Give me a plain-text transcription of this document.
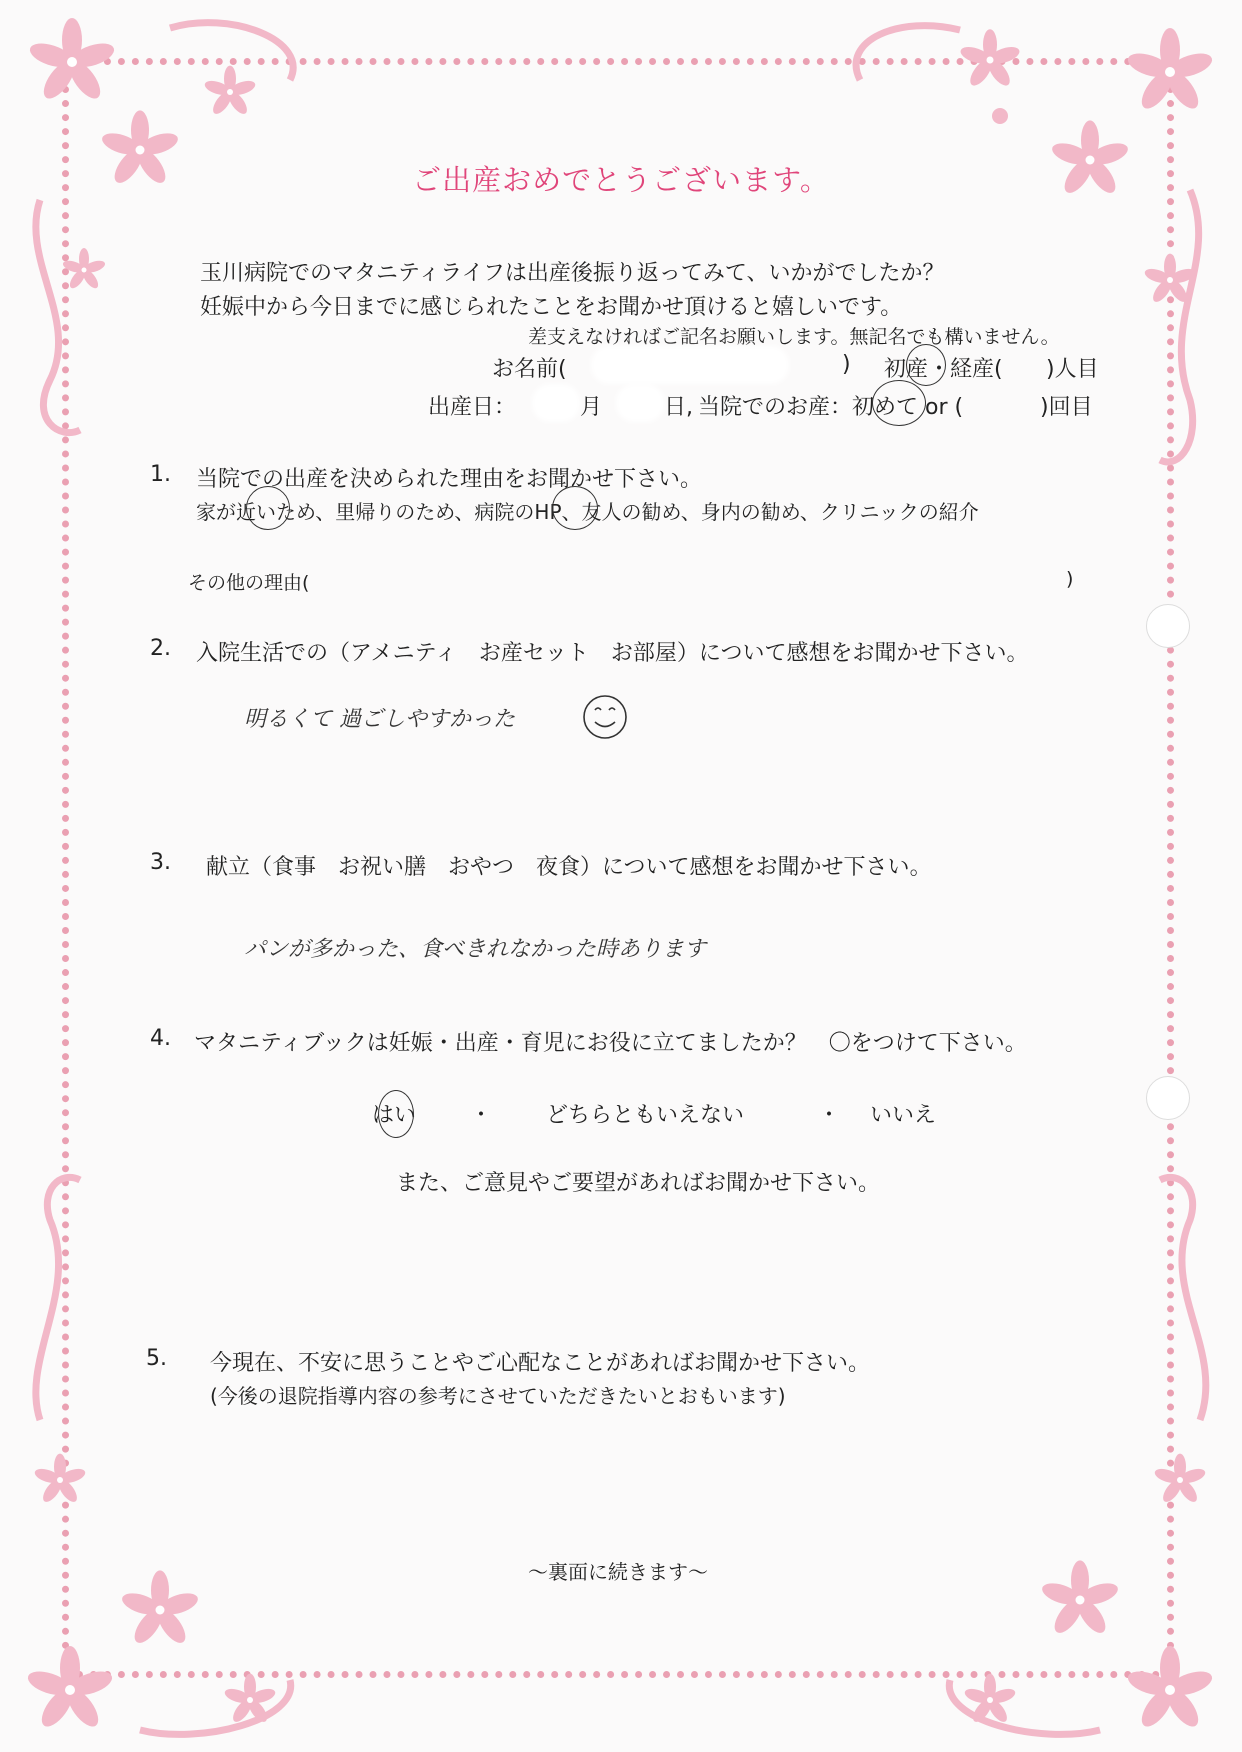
ご出産おめでとうございます。
玉川病院でのマタニティライフは出産後振り返ってみて、いかがでしたか？
妊娠中から今日までに感じられたことをお聞かせ頂けると嬉しいです。
差支えなければご記名お願いします。無記名でも構いません。
お名前(	) 初産・経産( )人目
出産日：	月	日, 当院でのお産：初めて or (	)回目
1. 当院での出産を決められた理由をお聞かせ下さい。
家が近いため、里帰りのため、病院のHP、友人の勧め、身内の勧め、クリニックの紹介
その他の理由(	)
2. 入院生活での（アメニティ　お産セット　お部屋）について感想をお聞かせ下さい。
明るくて 過ごしやすかった
3. 献立（食事　お祝い膳　おやつ　夜食）について感想をお聞かせ下さい。
パンが多かった、食べきれなかった時あります
4. マタニティブックは妊娠・出産・育児にお役に立てましたか？　〇をつけて下さい。
はい ・ どちらともいえない	・ いいえ
また、ご意見やご要望があればお聞かせ下さい。
5. 今現在、不安に思うことやご心配なことがあればお聞かせ下さい。
(今後の退院指導内容の参考にさせていただきたいとおもいます)
～裏面に続きます～
